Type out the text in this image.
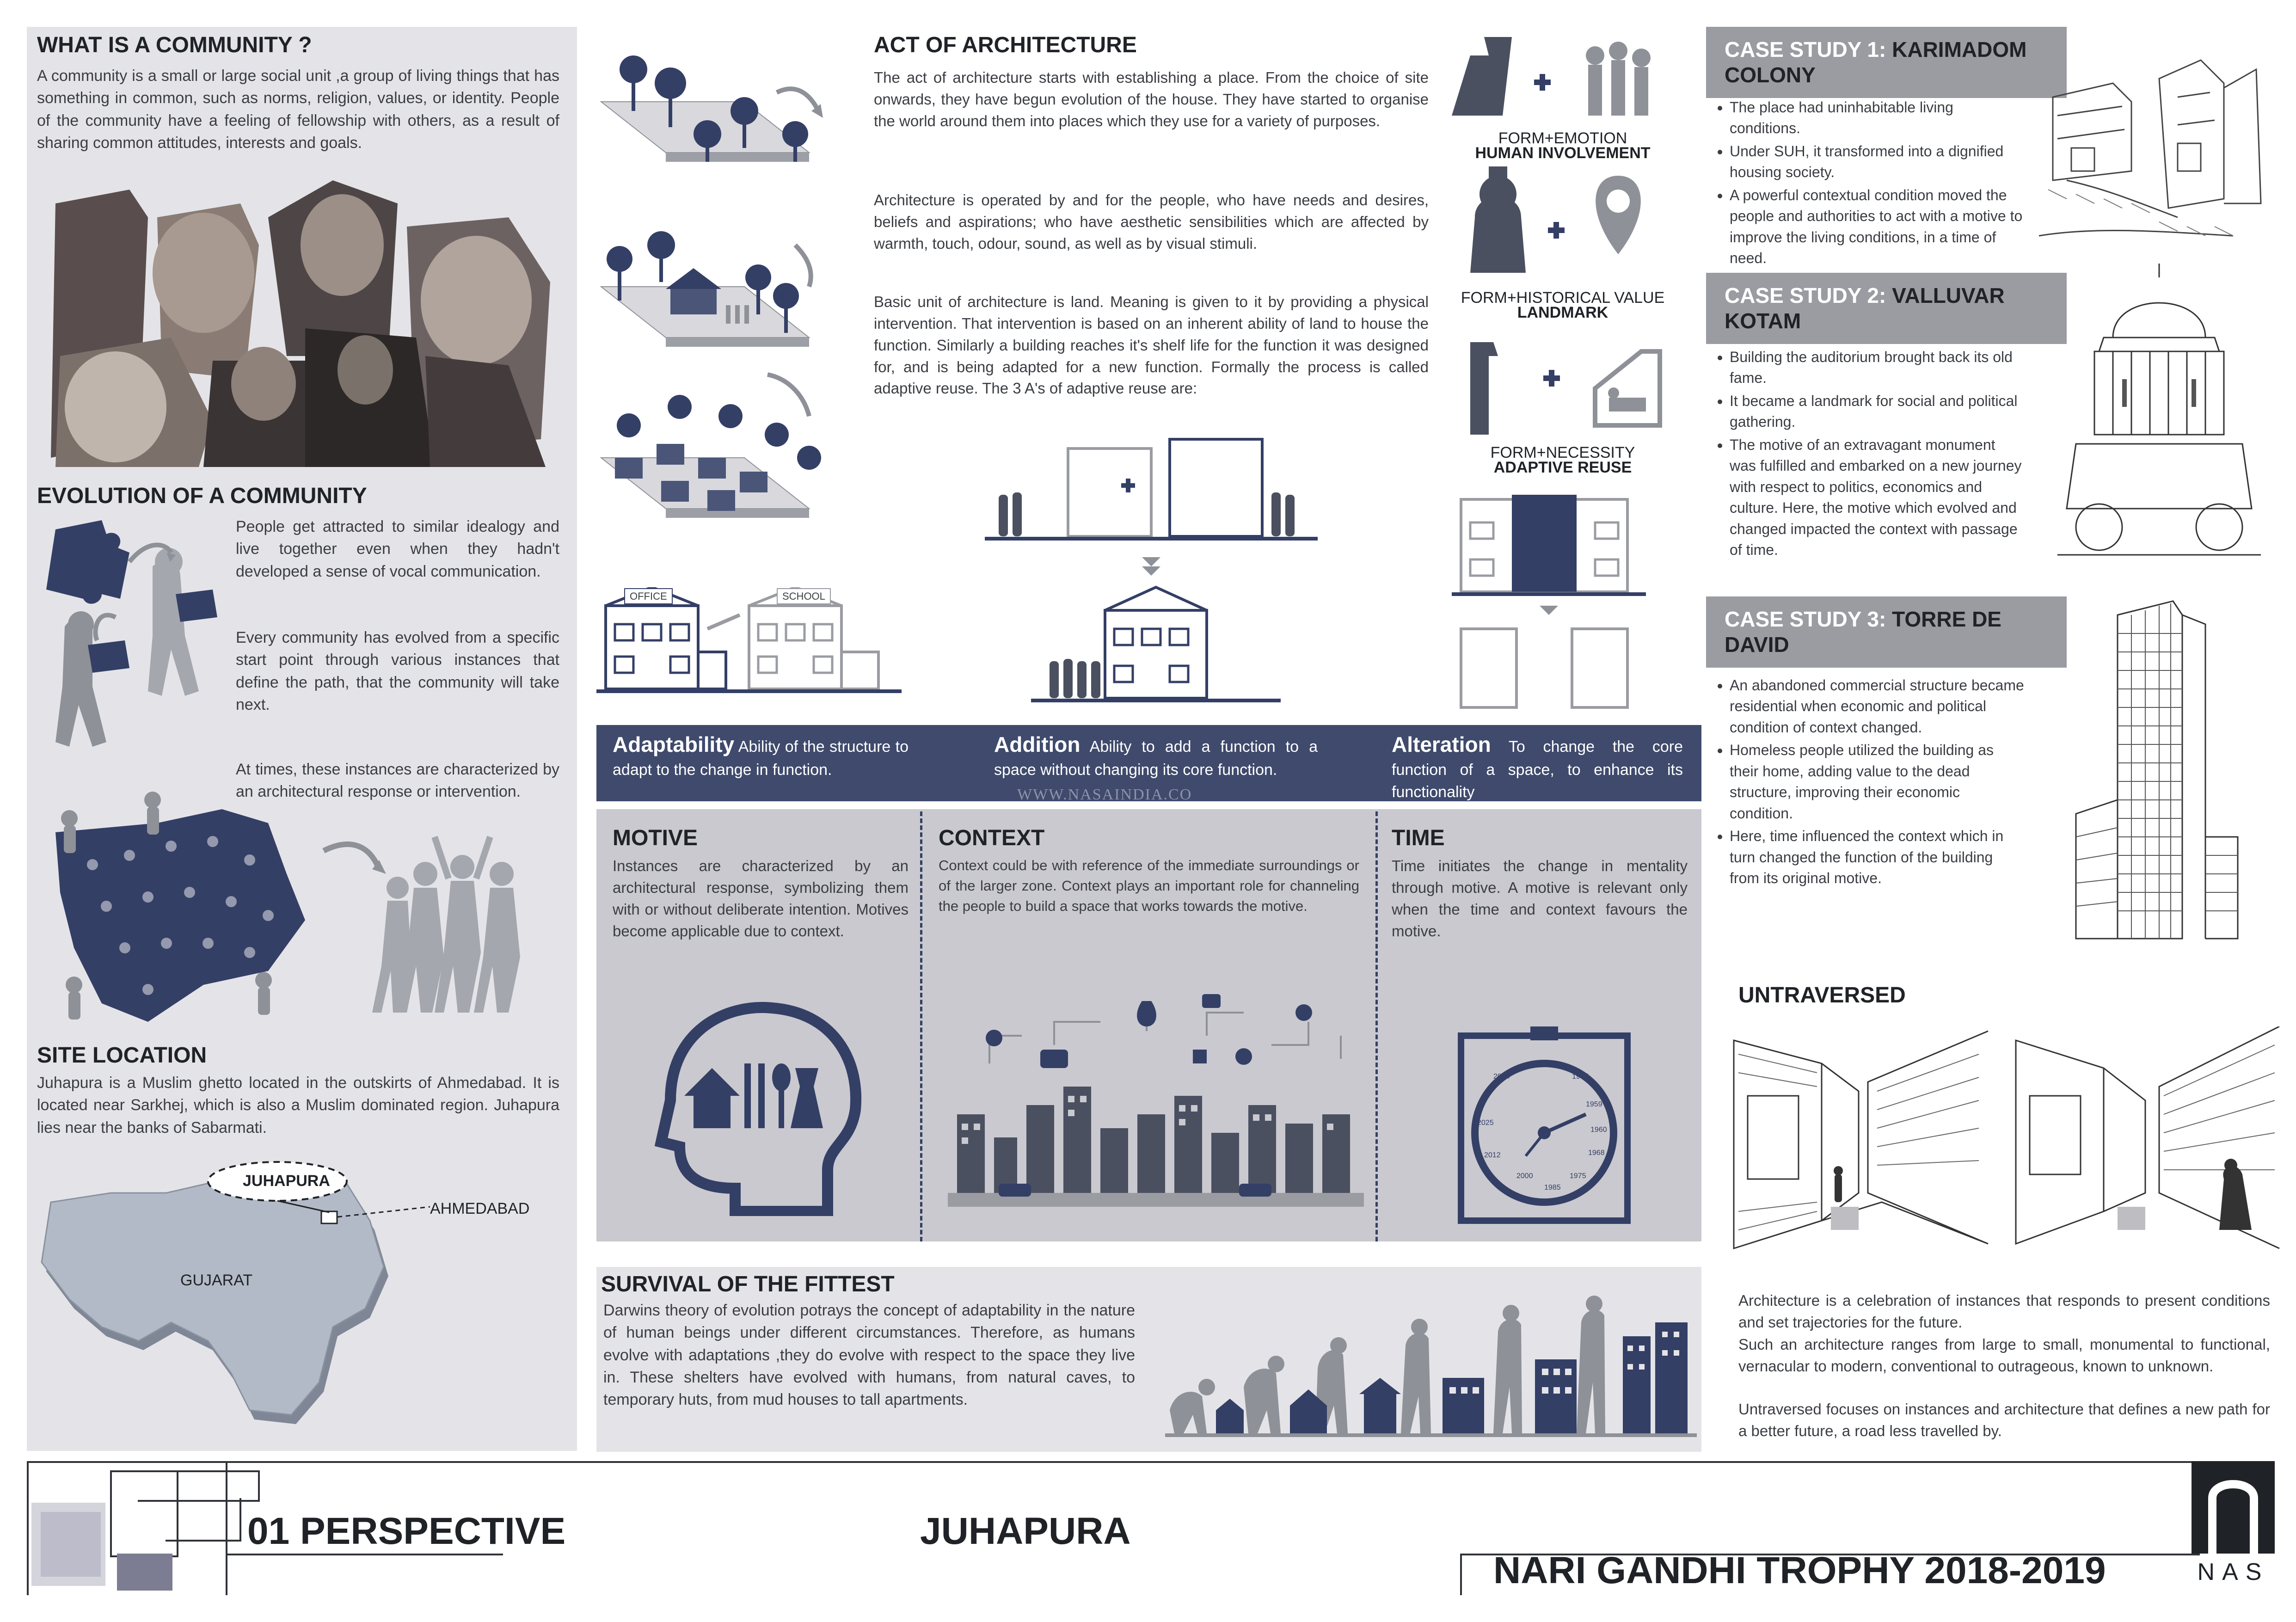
WHAT IS A COMMUNITY ?
A community is a small or large social unit ,a group of living things that has something in common, such as norms, religion, values, or identity. People of the community have a feeling of fellowship with others, as a result of sharing common attitudes, interests and goals.
EVOLUTION OF A COMMUNITY
People get attracted to similar idealogy and live together even when they hadn't developed a sense of vocal communication.
Every community has evolved from a specific start point through various instances that define the path, that the community will take next.
At times, these instances are characterized by an architectural response or intervention.
SITE LOCATION
Juhapura is a Muslim ghetto located in the outskirts of Ahmedabad. It is located near Sarkhej, which is also a Muslim dominated region. Juhapura lies near the banks of Sabarmati.
JUHAPURA
AHMEDABAD
GUJARAT
ACT OF ARCHITECTURE
The act of architecture starts with establishing a place. From the choice of site onwards, they have begun evolution of the house. They have started to organise the world around them into places which they use for a variety of purposes.
Architecture is operated by and for the people, who have needs and desires, beliefs and aspirations; who have aesthetic sensibilities which are affected by warmth, touch, odour, sound, as well as by visual stimuli.
Basic unit of architecture is land. Meaning is given to it by providing a physical intervention. That intervention is based on an inherent ability of land to house the function. Similarly a building reaches it's shelf life for the function it was designed for, and is being adapted for a new function. Formally the process is called adaptive reuse. The 3 A's of adaptive reuse are:
FORM+EMOTION
HUMAN INVOLVEMENT
FORM+HISTORICAL VALUE
LANDMARK
FORM+NECESSITY
ADAPTIVE REUSE
OFFICE	SCHOOL
Adaptability Ability of the structure to adapt to the change in function.
Addition Ability to add a function to a space without changing its core function.
Alteration To change the core function of a space, to enhance its functionality
WWW.NASAINDIA.CO
MOTIVE
Instances are characterized by an architectural response, symbolizing them with or without deliberate intention. Motives become applicable due to context.
CONTEXT
Context could be with reference of the immediate surroundings or of the larger zone. Context plays an important role for channeling the people to build a space that works towards the motive.
TIME
Time initiates the change in mentality through motive. A motive is relevant only when the time and context favours the motive.
2083
1947
2054
1959
2025
1960
2012	1968
2000	1975
1985
SURVIVAL OF THE FITTEST
Darwins theory of evolution potrays the concept of adaptability in the nature of human beings under different circumstances. Therefore, as humans evolve with adaptations ,they do evolve with respect to the space they live in. These shelters have evolved with humans, from natural caves, to temporary huts, from mud houses to tall apartments.
CASE STUDY 1: KARIMADOM COLONY
• The place had uninhabitable living conditions.
• Under SUH, it transformed into a dignified housing society.
• A powerful contextual condition moved the people and authorities to act with a motive to improve the living conditions, in a time of need.
CASE STUDY 2: VALLUVAR KOTAM
• Building the auditorium brought back its old fame.
• It became a landmark for social and political gathering.
• The motive of an extravagant monument was fulfilled and embarked on a new journey with respect to politics, economics and culture. Here, the motive which evolved and changed impacted the context with passage of time.
CASE STUDY 3: TORRE DE DAVID
• An abandoned commercial structure became residential when economic and political condition of context changed.
• Homeless people utilized the building as their home, adding value to the dead structure, improving their economic condition.
• Here, time influenced the context which in turn changed the function of the building from its original motive.
UNTRAVERSED
Architecture is a celebration of instances that responds to present conditions and set trajectories for the future.
Such an architecture ranges from large to small, monumental to functional, vernacular to modern, conventional to outrageous, known to unknown.
Untraversed focuses on instances and architecture that defines a new path for a better future, a road less travelled by.
01 PERSPECTIVE	JUHAPURA
NARI GANDHI TROPHY 2018-2019	NAS
